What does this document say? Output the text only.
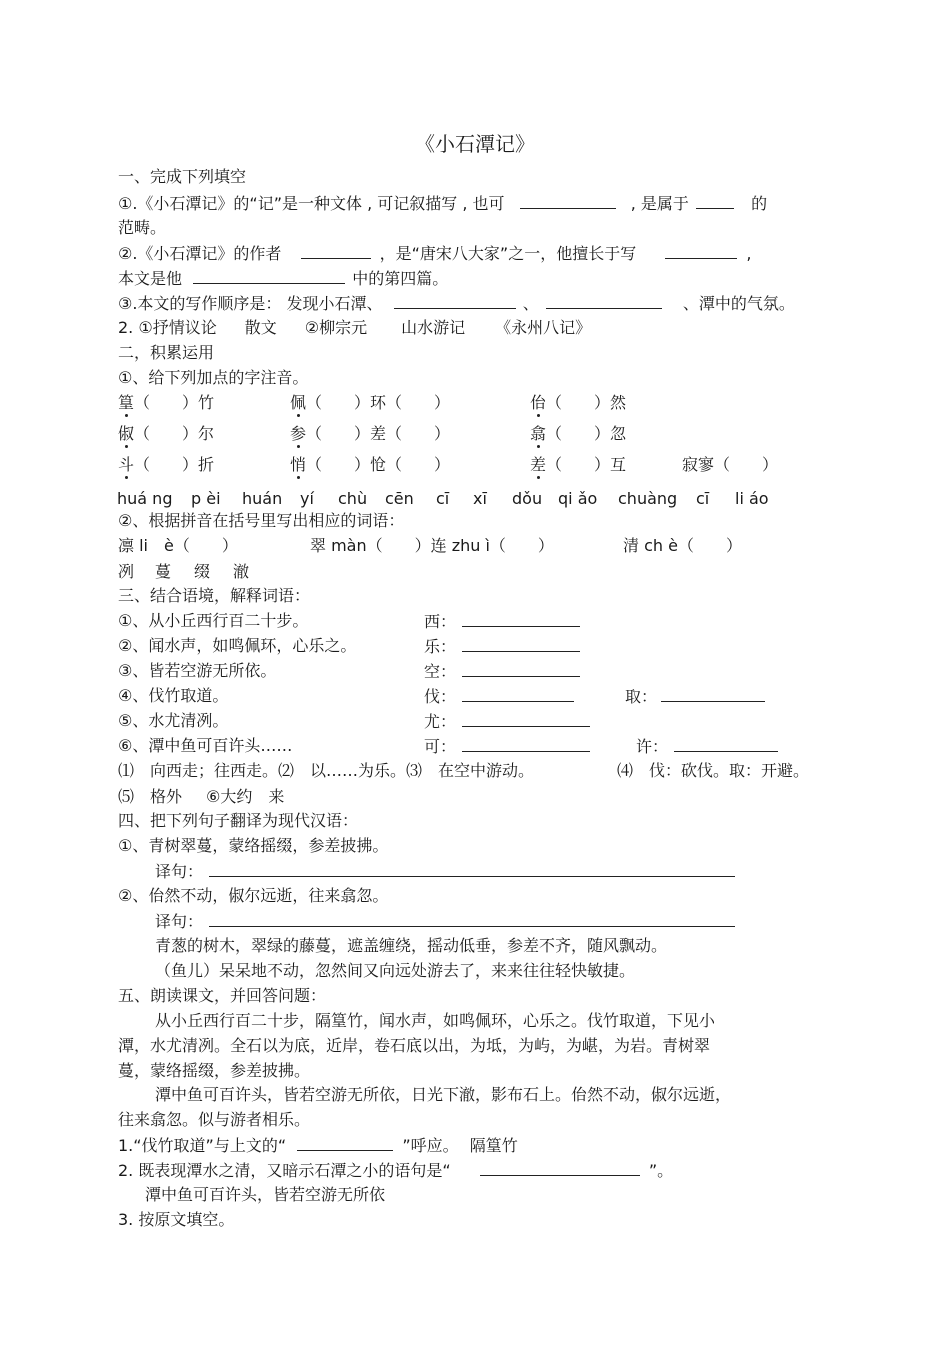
《小石潭记》
一、完成下列填空
①.《小石潭记》的“记”是一种文体 , 可记叙描写 , 也可	, 是属于	的
范畴。
②.《小石潭记》的作者	，是“唐宋八大家”之一，他擅长于写	,
本文是他	中的第四篇。
③.本文的写作顺序是： 发现小石潭、	、	、潭中的气氛。
2. ①抒情议论 散文 ②柳宗元 山水游记 《永州八记》
二，积累运用
①、给下列加点的字注音。
篁（　　）竹	佩（　　）环（　　）	佁（　　）然
俶（　　）尔	参（　　）差（　　）	翕（　　）忽
斗（　　）折	悄（　　）怆（　　）	差（　　）互	寂寥（　　）
huá ng p èi huán yí chù cēn cī xī dǒu qi ǎo chuàng cī li áo
②、根据拼音在括号里写出相应的词语：
凛 li　è（　　）	翠 màn（　　）连 zhu ì（　　）	清 ch è（　　）
冽 蔓 缀 澈
三、结合语境，解释词语：
①、从小丘西行百二十步。	西：
②、闻水声，如鸣佩环，心乐之。	乐：
③、皆若空游无所依。	空：
④、伐竹取道。	伐：	取：
⑤、水尤清冽。	尤：
⑥、潭中鱼可百许头……	可：	许：
⑴　向西走；往西走。⑵　以……为乐。⑶　在空中游动。	⑷　伐：砍伐。取：开避。
⑸　格外 ⑥大约　来
四、把下列句子翻译为现代汉语：
①、青树翠蔓，蒙络摇缀，参差披拂。
译句：
②、佁然不动，俶尔远逝，往来翕忽。
译句：
青葱的树木，翠绿的藤蔓，遮盖缠绕，摇动低垂，参差不齐，随风飘动。
（鱼儿）呆呆地不动，忽然间又向远处游去了，来来往往轻快敏捷。
五、朗读课文，并回答问题：
从小丘西行百二十步，隔篁竹，闻水声，如鸣佩环，心乐之。伐竹取道，下见小
潭，水尤清冽。全石以为底，近岸，卷石底以出，为坻，为屿，为嵁，为岩。青树翠
蔓，蒙络摇缀，参差披拂。
潭中鱼可百许头，皆若空游无所依，日光下澈，影布石上。佁然不动，俶尔远逝，
往来翕忽。似与游者相乐。
1.“伐竹取道”与上文的“	”呼应。 隔篁竹
2. 既表现潭水之清，又暗示石潭之小的语句是“	”。
潭中鱼可百许头，皆若空游无所依
3. 按原文填空。
